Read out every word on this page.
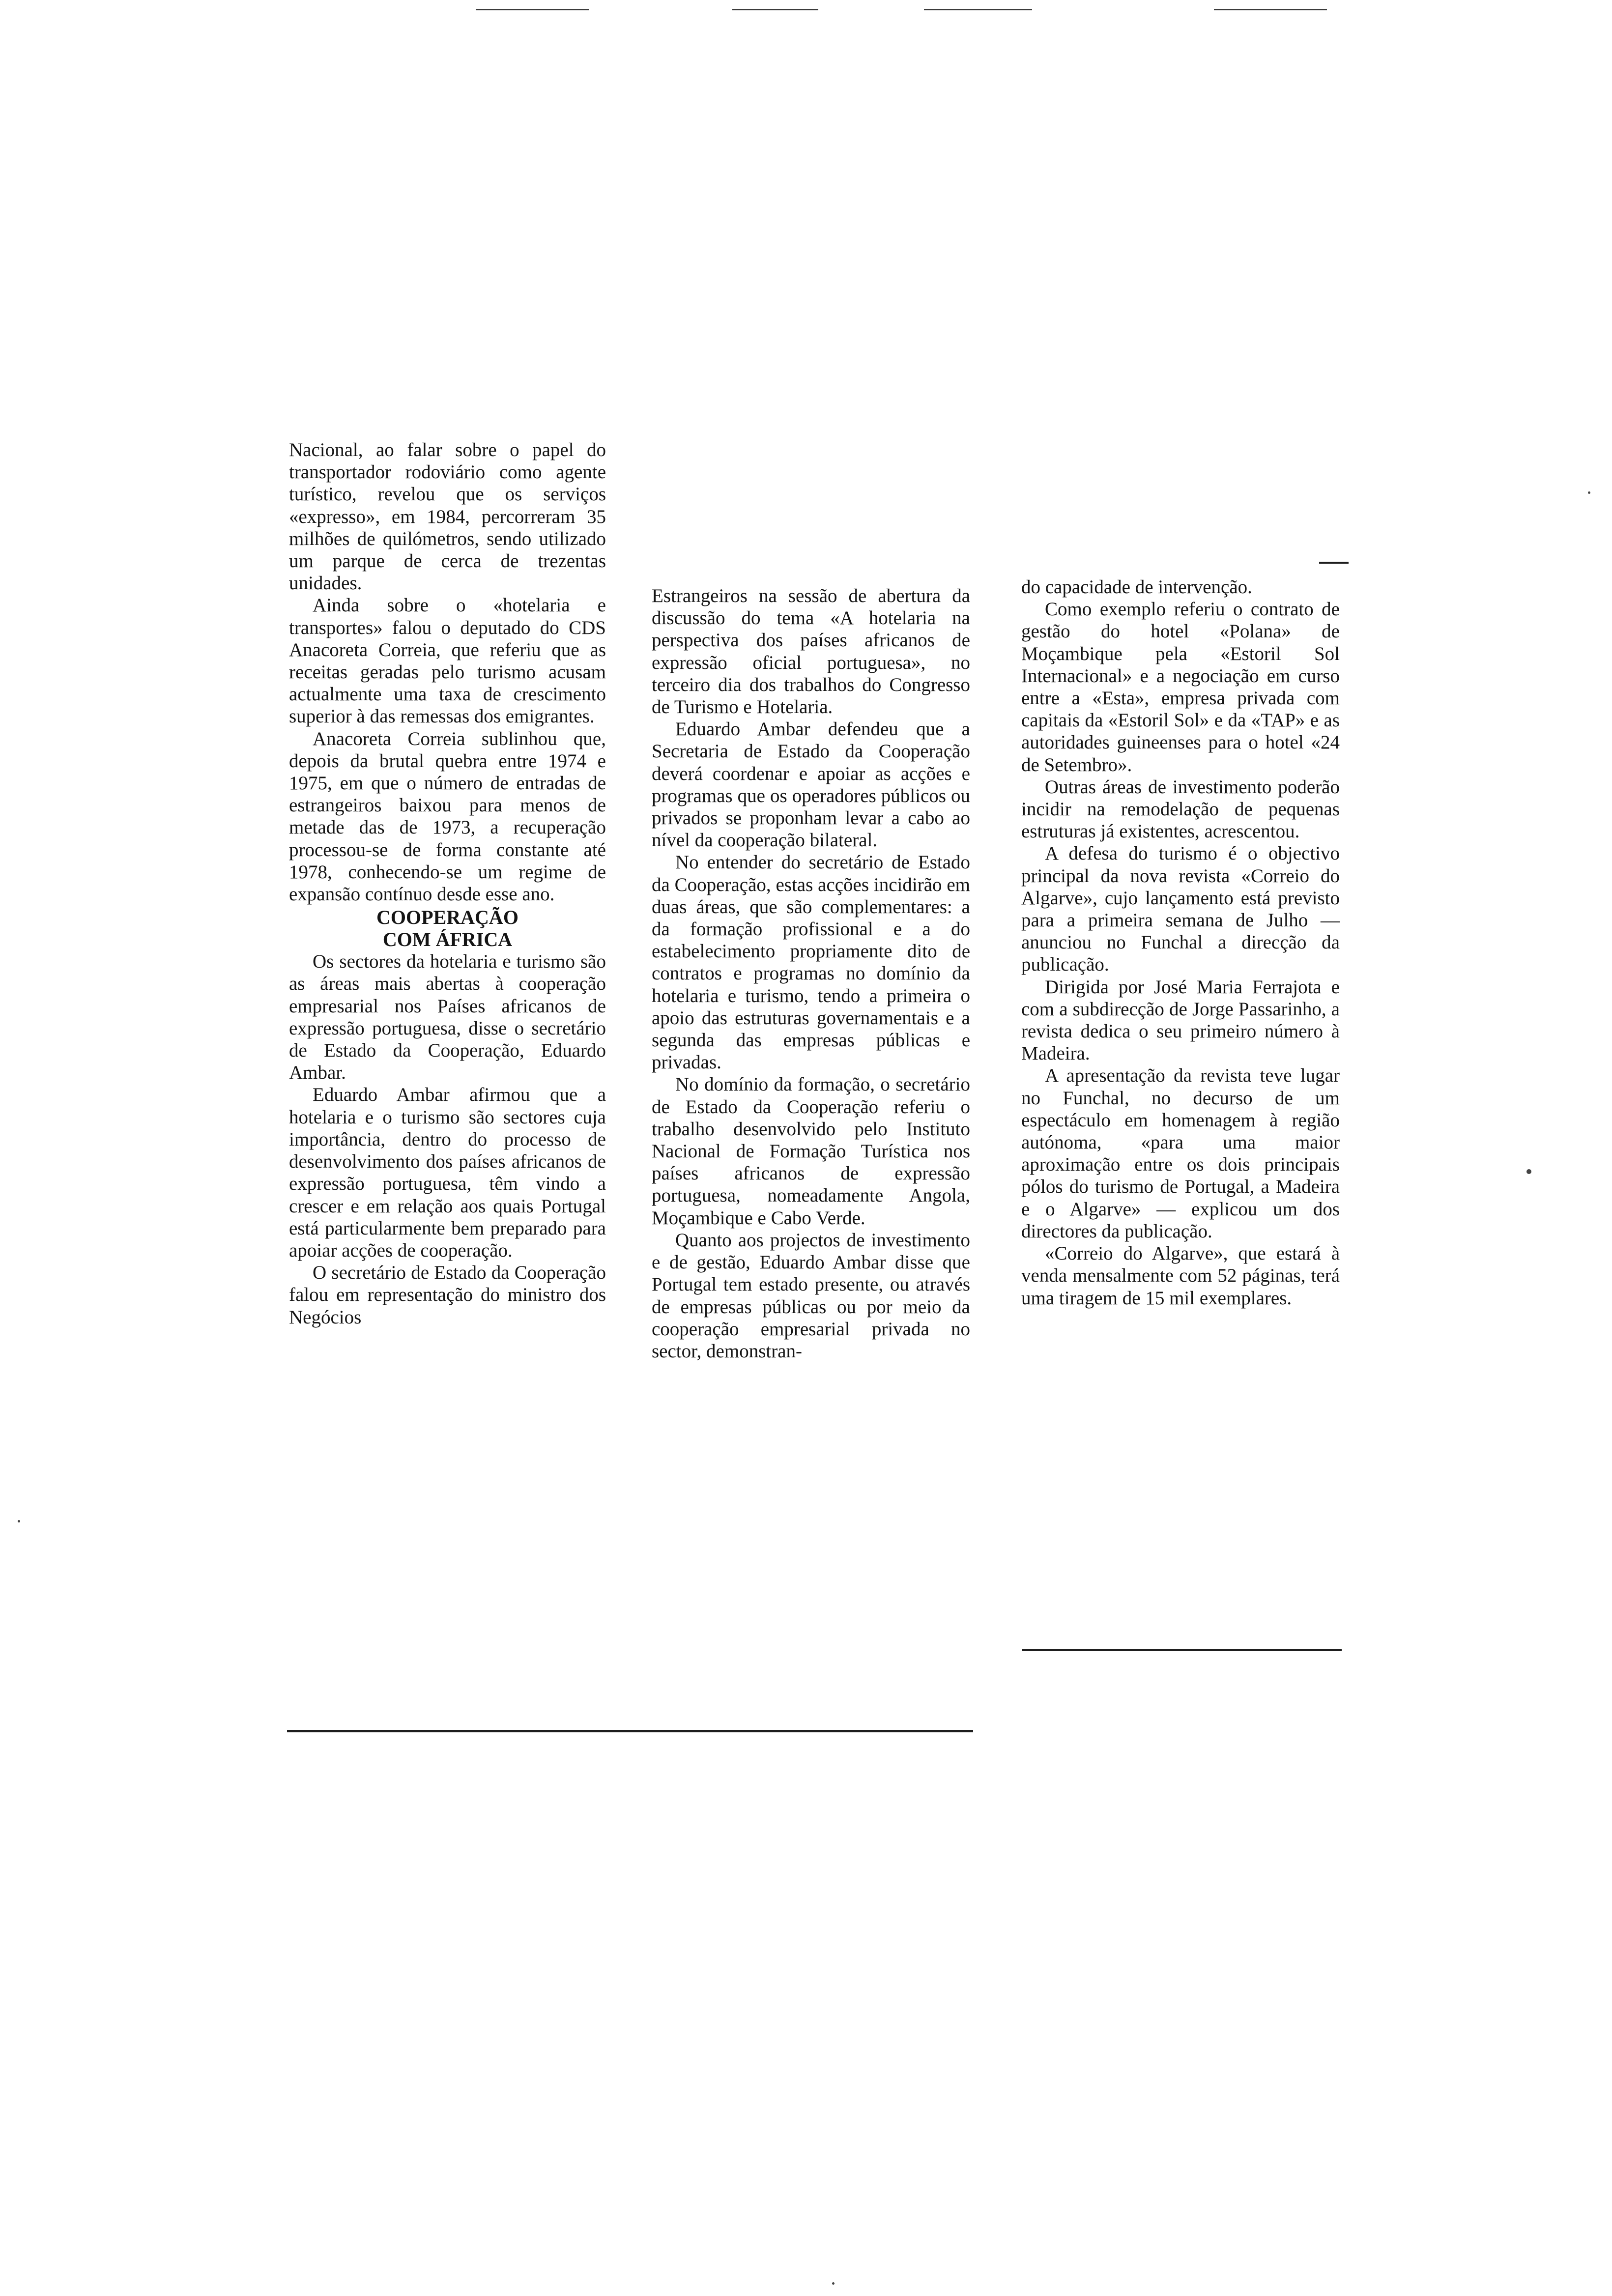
Nacional, ao falar sobre o papel do transportador rodoviário como agente turístico, revelou que os serviços «expresso», em 1984, percorreram 35 milhões de quilómetros, sendo utilizado um parque de cerca de trezentas unidades.

Ainda sobre o «hotelaria e transportes» falou o deputado do CDS Anacoreta Correia, que referiu que as receitas geradas pelo turismo acusam actualmente uma taxa de crescimento superior à das remessas dos emigrantes.

Anacoreta Correia sublinhou que, depois da brutal quebra entre 1974 e 1975, em que o número de entradas de estrangeiros baixou para menos de metade das de 1973, a recuperação processou-se de forma constante até 1978, conhecendo-se um regime de expansão contínuo desde esse ano.

COOPERAÇÃO
COM ÁFRICA

Os sectores da hotelaria e turismo são as áreas mais abertas à cooperação empresarial nos Países africanos de expressão portuguesa, disse o secretário de Estado da Cooperação, Eduardo Ambar.

Eduardo Ambar afirmou que a hotelaria e o turismo são sectores cuja importância, dentro do processo de desenvolvimento dos países africanos de expressão portuguesa, têm vindo a crescer e em relação aos quais Portugal está particularmente bem preparado para apoiar acções de cooperação.

O secretário de Estado da Cooperação falou em representação do ministro dos Negócios

Estrangeiros na sessão de abertura da discussão do tema «A hotelaria na perspectiva dos países africanos de expressão oficial portuguesa», no terceiro dia dos trabalhos do Congresso de Turismo e Hotelaria.

Eduardo Ambar defendeu que a Secretaria de Estado da Cooperação deverá coordenar e apoiar as acções e programas que os operadores públicos ou privados se proponham levar a cabo ao nível da cooperação bilateral.

No entender do secretário de Estado da Cooperação, estas acções incidirão em duas áreas, que são complementares: a da formação profissional e a do estabelecimento propriamente dito de contratos e programas no domínio da hotelaria e turismo, tendo a primeira o apoio das estruturas governamentais e a segunda das empresas públicas e privadas.

No domínio da formação, o secretário de Estado da Cooperação referiu o trabalho desenvolvido pelo Instituto Nacional de Formação Turística nos países africanos de expressão portuguesa, nomeadamente Angola, Moçambique e Cabo Verde.

Quanto aos projectos de investimento e de gestão, Eduardo Ambar disse que Portugal tem estado presente, ou através de empresas públicas ou por meio da cooperação empresarial privada no sector, demonstran-

do capacidade de intervenção.

Como exemplo referiu o contrato de gestão do hotel «Polana» de Moçambique pela «Estoril Sol Internacional» e a negociação em curso entre a «Esta», empresa privada com capitais da «Estoril Sol» e da «TAP» e as autoridades guineenses para o hotel «24 de Setembro».

Outras áreas de investimento poderão incidir na remodelação de pequenas estruturas já existentes, acrescentou.

A defesa do turismo é o objectivo principal da nova revista «Correio do Algarve», cujo lançamento está previsto para a primeira semana de Julho — anunciou no Funchal a direcção da publicação.

Dirigida por José Maria Ferrajota e com a subdirecção de Jorge Passarinho, a revista dedica o seu primeiro número à Madeira.

A apresentação da revista teve lugar no Funchal, no decurso de um espectáculo em homenagem à região autónoma, «para uma maior aproximação entre os dois principais pólos do turismo de Portugal, a Madeira e o Algarve» — explicou um dos directores da publicação.

«Correio do Algarve», que estará à venda mensalmente com 52 páginas, terá uma tiragem de 15 mil exemplares.
